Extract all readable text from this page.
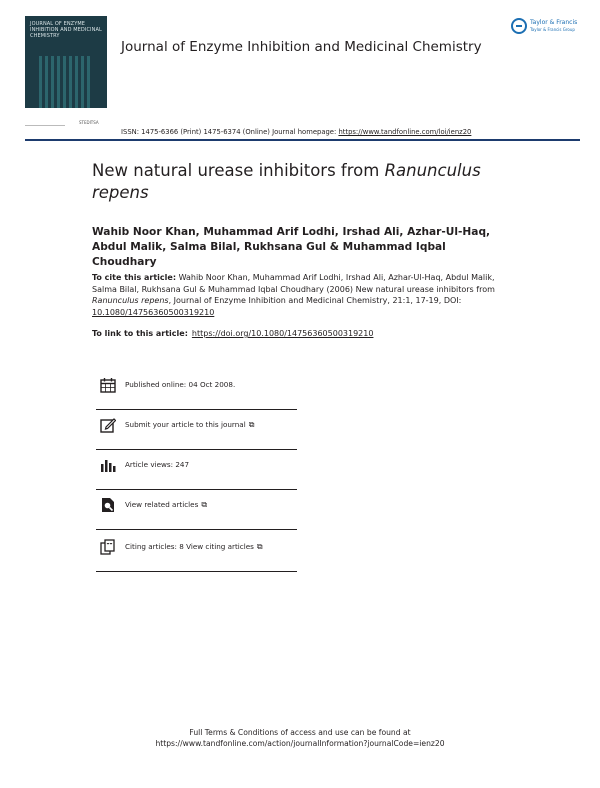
JOURNAL OF ENZYME INHIBITION AND MEDICINAL CHEMISTRY
STEDITSA
Journal of Enzyme Inhibition and Medicinal Chemistry
Taylor & Francis
Taylor & Francis Group
ISSN: 1475-6366 (Print) 1475-6374 (Online) Journal homepage: https://www.tandfonline.com/loi/ienz20
New natural urease inhibitors from Ranunculus repens
Wahib Noor Khan, Muhammad Arif Lodhi, Irshad Ali, Azhar-Ul-Haq, Abdul Malik, Salma Bilal, Rukhsana Gul & Muhammad Iqbal Choudhary
To cite this article: Wahib Noor Khan, Muhammad Arif Lodhi, Irshad Ali, Azhar-Ul-Haq, Abdul Malik, Salma Bilal, Rukhsana Gul & Muhammad Iqbal Choudhary (2006) New natural urease inhibitors from Ranunculus repens, Journal of Enzyme Inhibition and Medicinal Chemistry, 21:1, 17-19, DOI: 10.1080/14756360500319210
To link to this article: https://doi.org/10.1080/14756360500319210
Published online: 04 Oct 2008.
Submit your article to this journal ⧉
Article views: 247
View related articles ⧉
Citing articles: 8 View citing articles ⧉
Full Terms & Conditions of access and use can be found at
https://www.tandfonline.com/action/journalInformation?journalCode=ienz20
